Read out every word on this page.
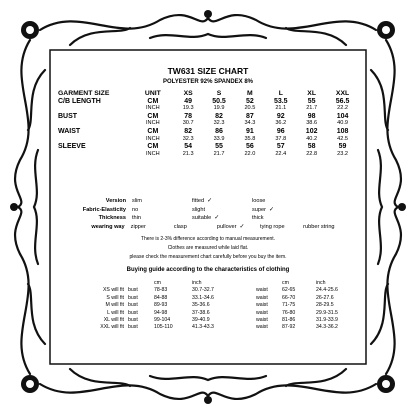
TW631 SIZE CHART
POLYESTER 92% SPANDEX 8%
GARMENT SIZE	UNIT	XS	S	M	L	XL	XXL
C/B LENGTH	CM	49	50.5	52	53.5	55	56.5
	INCH	19.3	19.9	20.5	21.1	21.7	22.2
BUST	CM	78	82	87	92	98	104
	INCH	30.7	32.3	34.3	36.2	38.6	40.9
WAIST	CM	82	86	91	96	102	108
	INCH	32.3	33.9	35.8	37.8	40.2	42.5
SLEEVE	CM	54	55	56	57	58	59
	INCH	21.3	21.7	22.0	22.4	22.8	23.2
Version	slim	fitted ✓	loose
Fabric-Elasticity	no	slight	super ✓
Thickness	thin	suitable ✓	thick
wearing way	zipper	clasp	pullover ✓	tying rope	rubber string
There is 2-3% difference according to manual measurement.
Clothes are measured while laid flat.
please check the measurement chart carefully before you buy the item.
Buying guide according to the characteristics of clothing
		cm	inch		cm	inch
XS will fit	bust	78-83	30.7-32.7	waist	62-65	24.4-25.6
S will fit	bust	84-88	33.1-34.6	waist	66-70	26-27.6
M will fit	bust	89-93	35-36.6	waist	71-75	28-29.5
L will fit	bust	94-98	37-38.6	waist	76-80	29.9-31.5
XL will fit	bust	99-104	39-40.9	waist	81-86	31.9-33.9
XXL will fit	bust	105-110	41.3-43.3	waist	87-92	34.3-36.2
